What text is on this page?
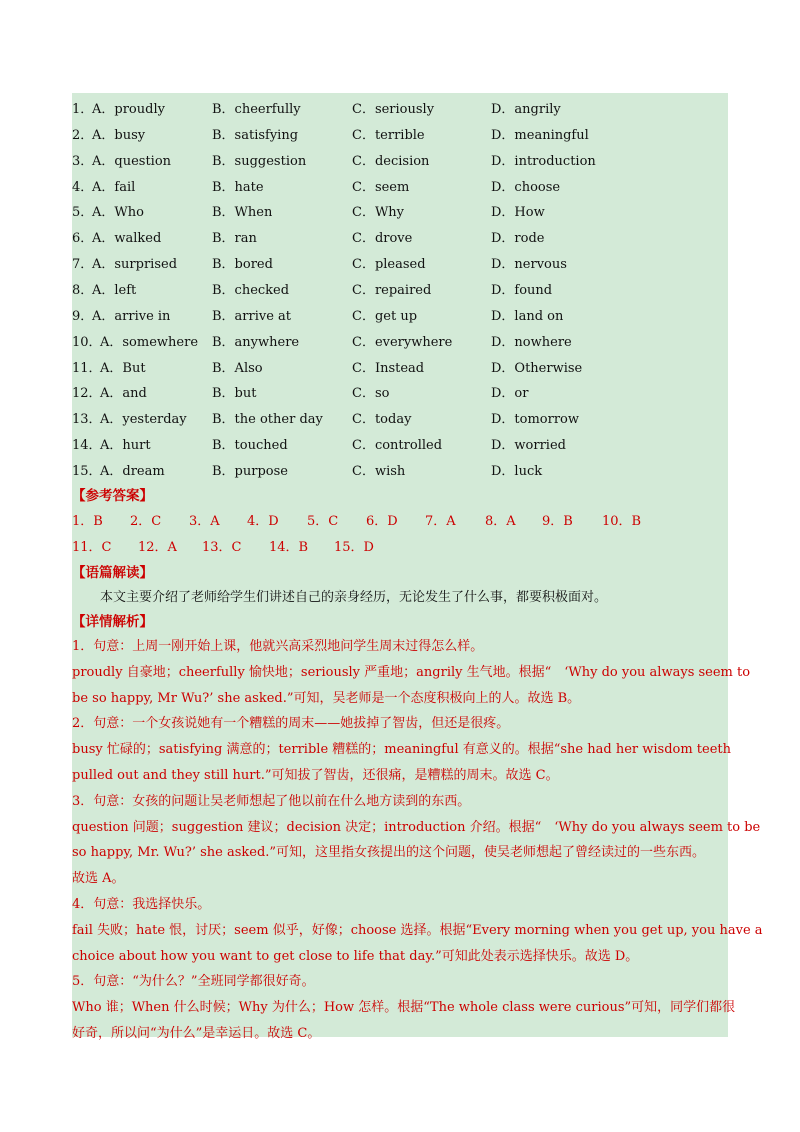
1．
A．proudly	B．cheerfully	C．seriously	D．angrily
2．
A．busy	B．satisfying	C．terrible	D．meaningful
3．
A．question	B．suggestion	C．decision	D．introduction
4．
A．fail	B．hate	C．seem	D．choose
5．
A．Who	B．When	C．Why	D．How
6．
A．walked	B．ran	C．drove	D．rode
7．
A．surprised	B．bored	C．pleased	D．nervous
8．
A．left	B．checked	C．repaired	D．found
9．
A．arrive in	B．arrive at	C．get up	D．land on
10．
A．somewhere B．anywhere	C．everywhere	D．nowhere
11．
A．But	B．Also	C．Instead	D．Otherwise
12．
A．and	B．but	C．so	D．or
13．
A．yesterday B．the other day C．today	D．tomorrow
14．
A．hurt	B．touched	C．controlled	D．worried
15．
A．dream	B．purpose	C．wish	D．luck
【参考答案】
1．B 2．C 3．A 4．D 5．C 6．D 7．A 8．A 9．B 10．B
11．C 12．A 13．C 14．B 15．D
【语篇解读】
本文主要介绍了老师给学生们讲述自己的亲身经历，无论发生了什么事，都要积极面对。
【详情解析】
1．句意：上周一刚开始上课，他就兴高采烈地问学生周末过得怎么样。
proudly 自豪地；cheerfully 愉快地；seriously 严重地；angrily 生气地。根据“　‘Why do you always seem to
be so happy, Mr Wu?’ she asked.”可知，吴老师是一个态度积极向上的人。故选 B。
2．句意：一个女孩说她有一个糟糕的周末——她拔掉了智齿，但还是很疼。
busy 忙碌的；satisfying 满意的；terrible 糟糕的；meaningful 有意义的。根据“she had her wisdom teeth
pulled out and they still hurt.”可知拔了智齿，还很痛，是糟糕的周末。故选 C。
3．句意：女孩的问题让吴老师想起了他以前在什么地方读到的东西。
question 问题；suggestion 建议；decision 决定；introduction 介绍。根据“　‘Why do you always seem to be
so happy, Mr. Wu?’ she asked.”可知，这里指女孩提出的这个问题，使吴老师想起了曾经读过的一些东西。
故选 A。
4．句意：我选择快乐。
fail 失败；hate 恨，讨厌；seem 似乎，好像；choose 选择。根据“Every morning when you get up, you have a
choice about how you want to get close to life that day.”可知此处表示选择快乐。故选 D。
5．句意：“为什么？”全班同学都很好奇。
Who 谁；When 什么时候；Why 为什么；How 怎样。根据“The whole class were curious”可知，同学们都很
好奇，所以问“为什么”是幸运日。故选 C。
